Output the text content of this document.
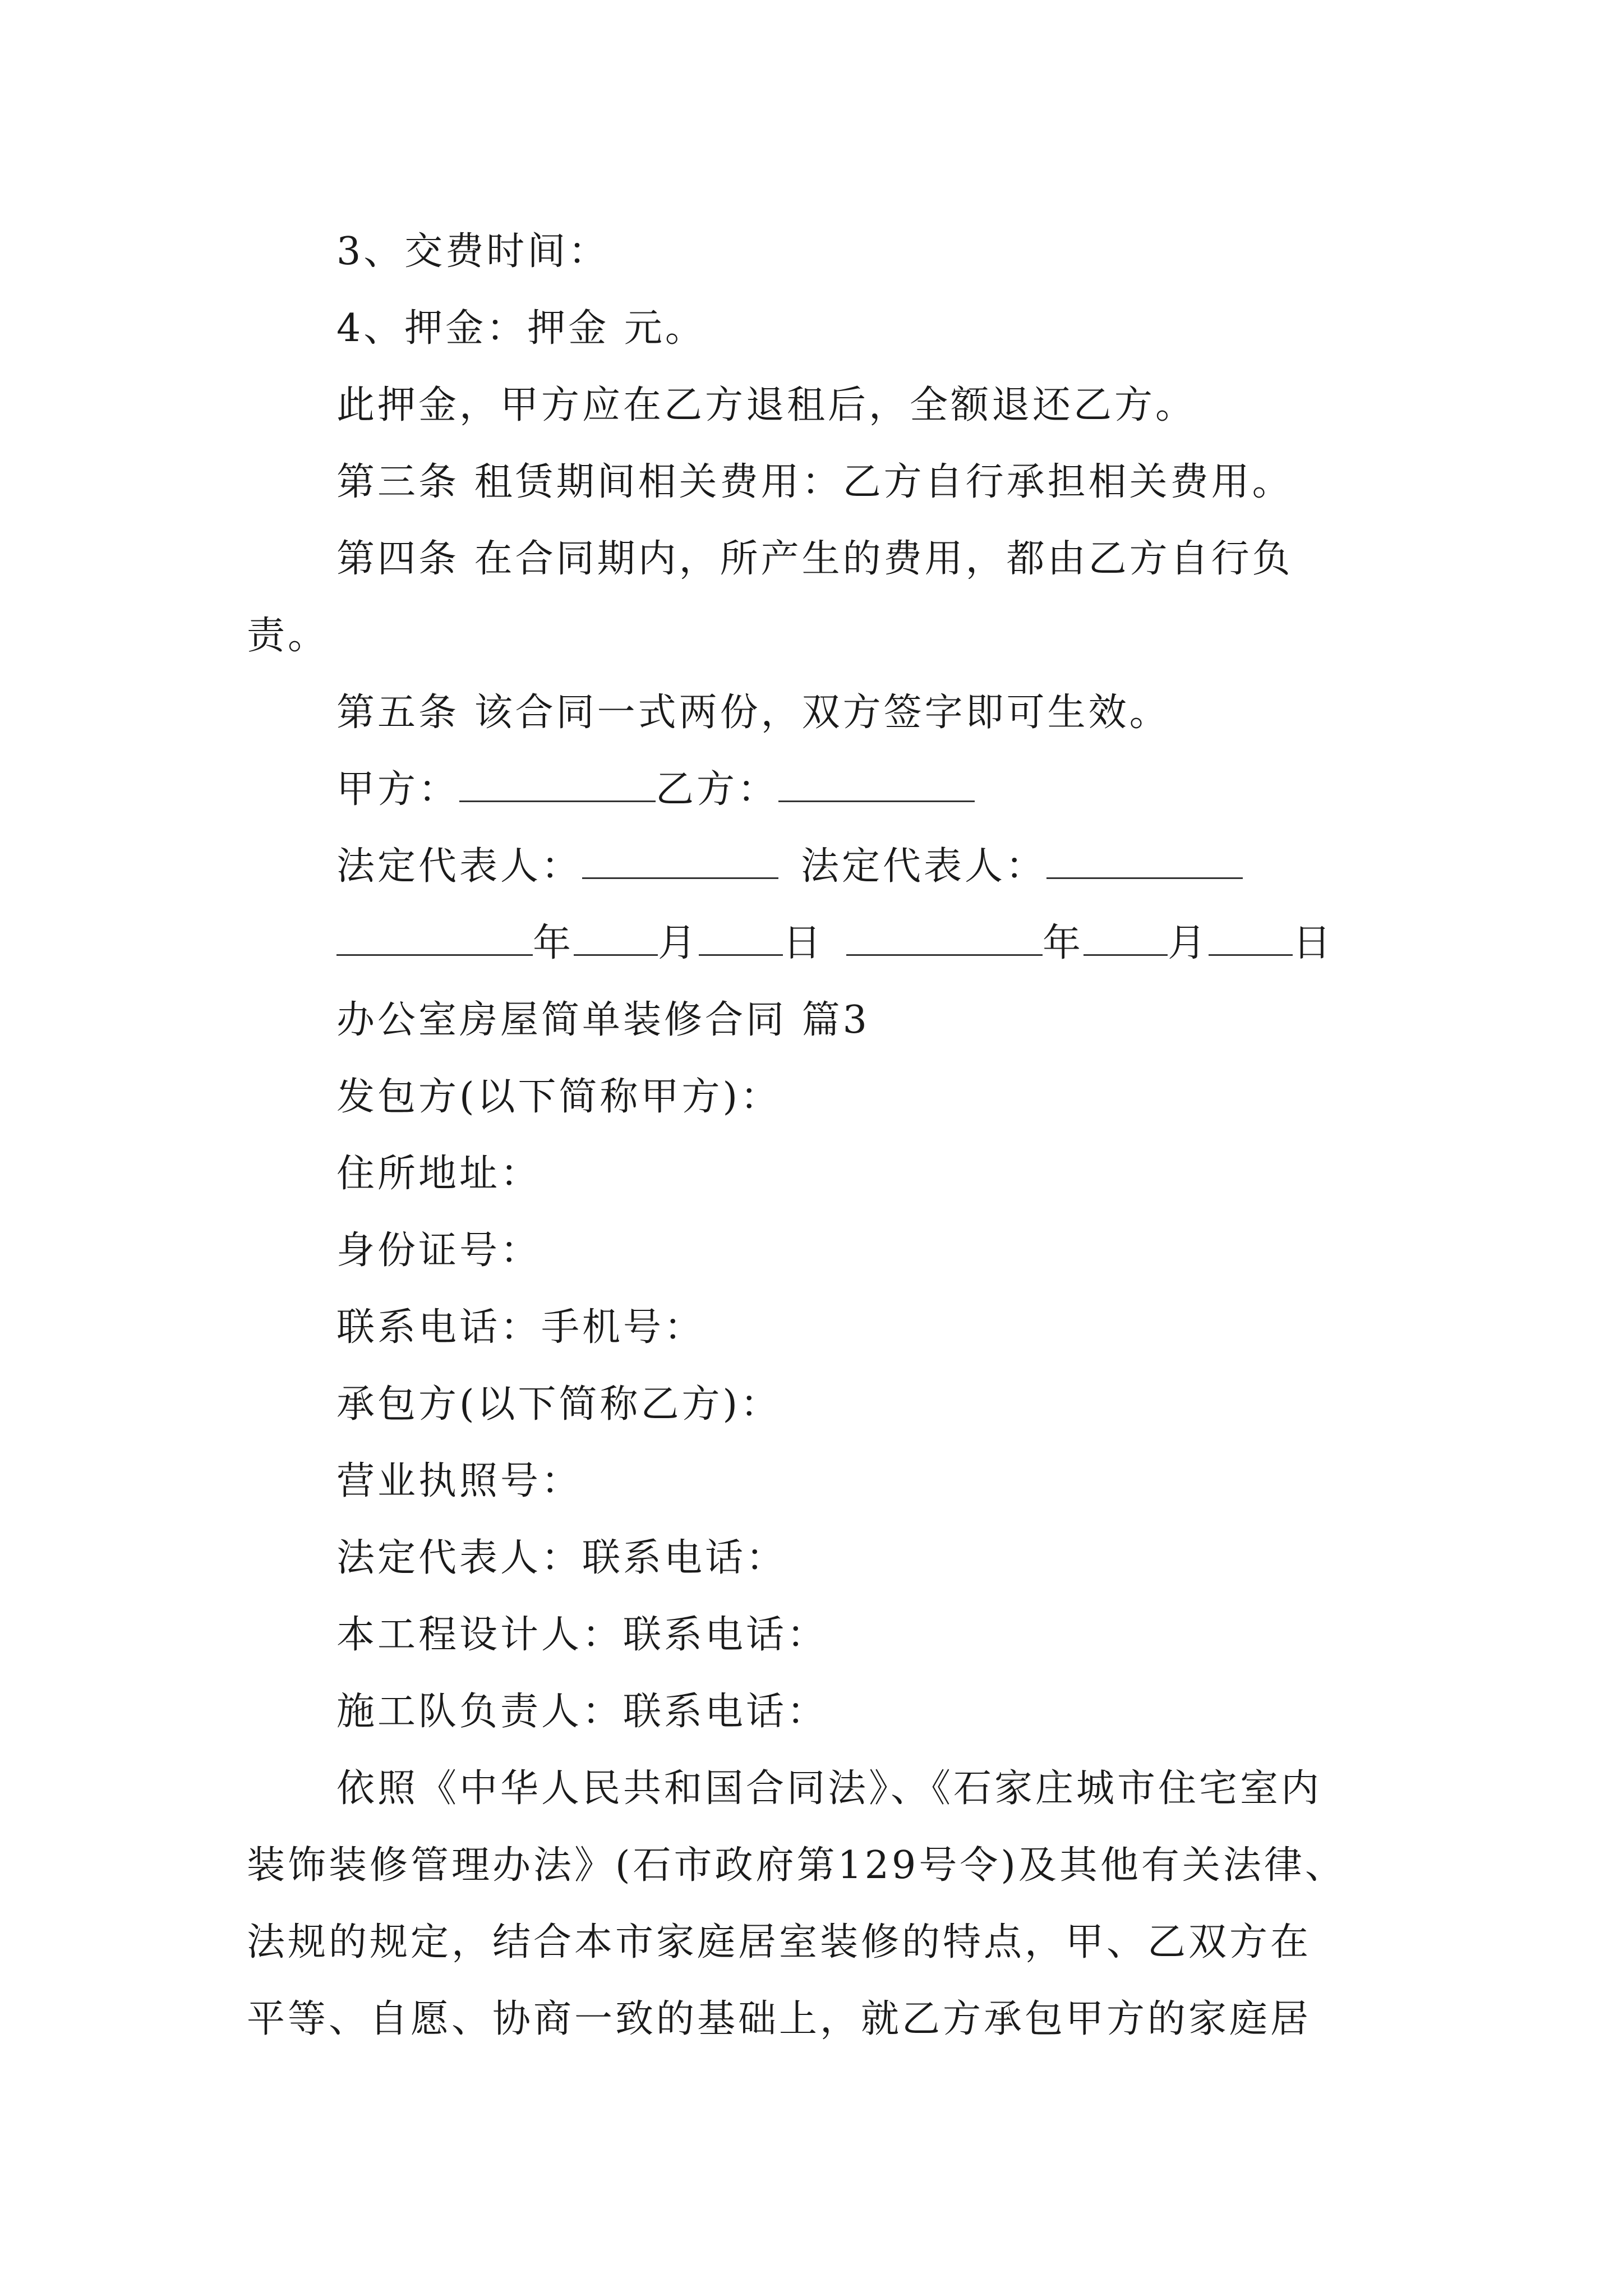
3、交费时间：
4、押金：押金 元。
此押金，甲方应在乙方退租后，全额退还乙方。
第三条 租赁期间相关费用：乙方自行承担相关费用。
第四条 在合同期内，所产生的费用，都由乙方自行负
责。
第五条 该合同一式两份，双方签字即可生效。
甲方：	乙方：
法定代表人：	法定代表人：
年 月 日	年 月 日
办公室房屋简单装修合同 篇3
发包方(以下简称甲方)：
住所地址：
身份证号：
联系电话：手机号：
承包方(以下简称乙方)：
营业执照号：
法定代表人：联系电话：
本工程设计人：联系电话：
施工队负责人：联系电话：
依照《中华人民共和国合同法》、《石家庄城市住宅室内
装饰装修管理办法》(石市政府第129号令)及其他有关法律、
法规的规定，结合本市家庭居室装修的特点，甲、乙双方在
平等、自愿、协商一致的基础上，就乙方承包甲方的家庭居
